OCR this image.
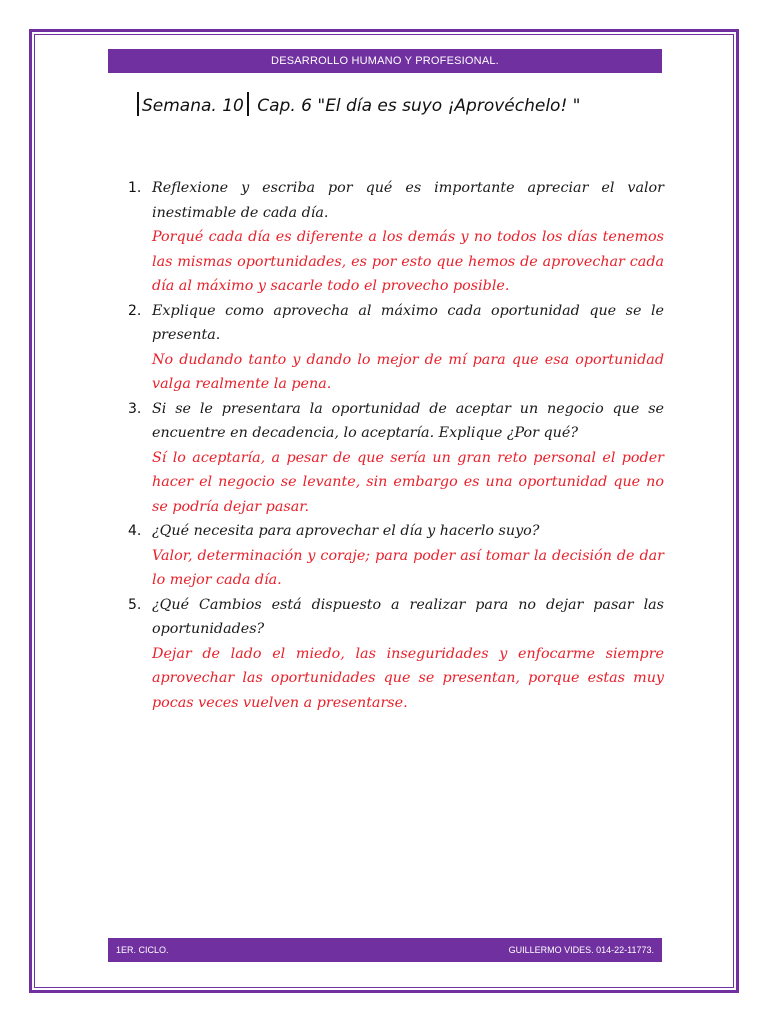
DESARROLLO HUMANO Y PROFESIONAL.
Semana. 10 Cap. 6 "El día es suyo ¡Aprovéchelo! "
1. Reflexione y escriba por qué es importante apreciar el valor inestimable de cada día.
Porqué cada día es diferente a los demás y no todos los días tenemos las mismas oportunidades, es por esto que hemos de aprovechar cada día al máximo y sacarle todo el provecho posible.
2. Explique como aprovecha al máximo cada oportunidad que se le presenta.
No dudando tanto y dando lo mejor de mí para que esa oportunidad valga realmente la pena.
3. Si se le presentara la oportunidad de aceptar un negocio que se encuentre en decadencia, lo aceptaría. Explique ¿Por qué?
Sí lo aceptaría, a pesar de que sería un gran reto personal el poder hacer el negocio se levante, sin embargo es una oportunidad que no se podría dejar pasar.
4. ¿Qué necesita para aprovechar el día y hacerlo suyo?
Valor, determinación y coraje; para poder así tomar la decisión de dar lo mejor cada día.
5. ¿Qué Cambios está dispuesto a realizar para no dejar pasar las oportunidades?
Dejar de lado el miedo, las inseguridades y enfocarme siempre aprovechar las oportunidades que se presentan, porque estas muy pocas veces vuelven a presentarse.
1ER. CICLO.	GUILLERMO VIDES. 014-22-11773.
